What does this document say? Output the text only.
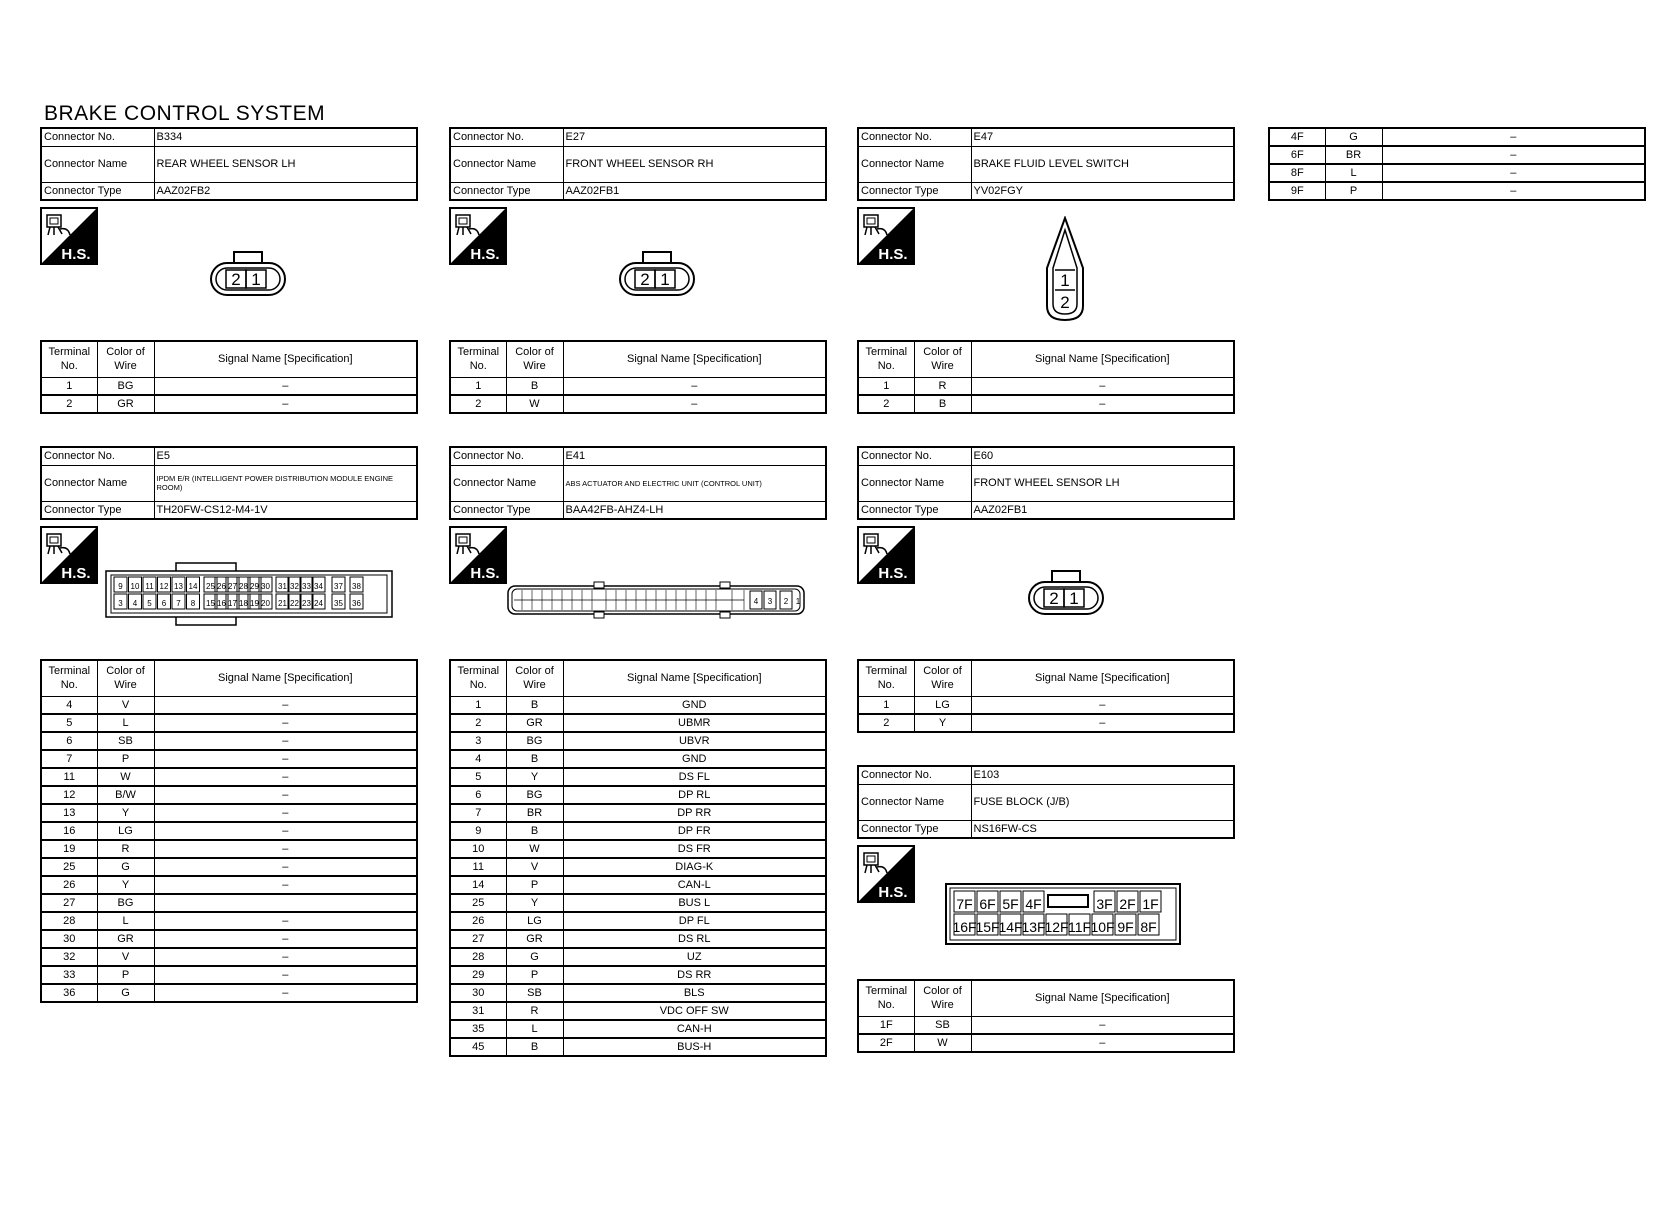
BRAKE CONTROL SYSTEM
Connector No.	B334
Connector Name	REAR WHEEL SENSOR LH
Connector Type	AAZ02FB2
H.S.
2 1
Terminal No.	Color of Wire	Signal Name [Specification]
1	BG	–
2	GR	–
Connector No.	E27
Connector Name	FRONT WHEEL SENSOR RH
Connector Type	AAZ02FB1
H.S.
2 1
Terminal No.	Color of Wire	Signal Name [Specification]
1	B	–
2	W	–
Connector No.	E47
Connector Name	BRAKE FLUID LEVEL SWITCH
Connector Type	YV02FGY
H.S.
1
2
Terminal No.	Color of Wire	Signal Name [Specification]
1	R	–
2	B	–
4F	G	–
6F	BR	–
8F	L	–
9F	P	–
Connector No.	E5
Connector Name	IPDM E/R (INTELLIGENT POWER DISTRIBUTION MODULE ENGINE ROOM)
Connector Type	TH20FW-CS12-M4-1V
H.S.
9 10 11 12 13 14 25 26 27 28 29 30 31 32 33 34 37 38
3 4 5 6 7 8 15 16 17 18 19 20 21 22 23 24 35 36
Terminal No.	Color of Wire	Signal Name [Specification]
4	V	–
5	L	–
6	SB	–
7	P	–
11	W	–
12	B/W	–
13	Y	–
16	LG	–
19	R	–
25	G	–
26	Y	–
27	BG	
28	L	–
30	GR	–
32	V	–
33	P	–
36	G	–
Connector No.	E41
Connector Name	ABS ACTUATOR AND ELECTRIC UNIT (CONTROL UNIT)
Connector Type	BAA42FB-AHZ4-LH
H.S.
4 3 2 1
Terminal No.	Color of Wire	Signal Name [Specification]
1	B	GND
2	GR	UBMR
3	BG	UBVR
4	B	GND
5	Y	DS FL
6	BG	DP RL
7	BR	DP RR
9	B	DP FR
10	W	DS FR
11	V	DIAG-K
14	P	CAN-L
25	Y	BUS L
26	LG	DP FL
27	GR	DS RL
28	G	UZ
29	P	DS RR
30	SB	BLS
31	R	VDC OFF SW
35	L	CAN-H
45	B	BUS-H
Connector No.	E60
Connector Name	FRONT WHEEL SENSOR LH
Connector Type	AAZ02FB1
H.S.
2 1
Terminal No.	Color of Wire	Signal Name [Specification]
1	LG	–
2	Y	–
Connector No.	E103
Connector Name	FUSE BLOCK (J/B)
Connector Type	NS16FW-CS
H.S.
7F 6F 5F 4F	3F 2F 1F
16F
15F
14F
13F
12F 11F 10F 9F 8F
Terminal No.	Color of Wire	Signal Name [Specification]
1F	SB	–
2F	W	–
